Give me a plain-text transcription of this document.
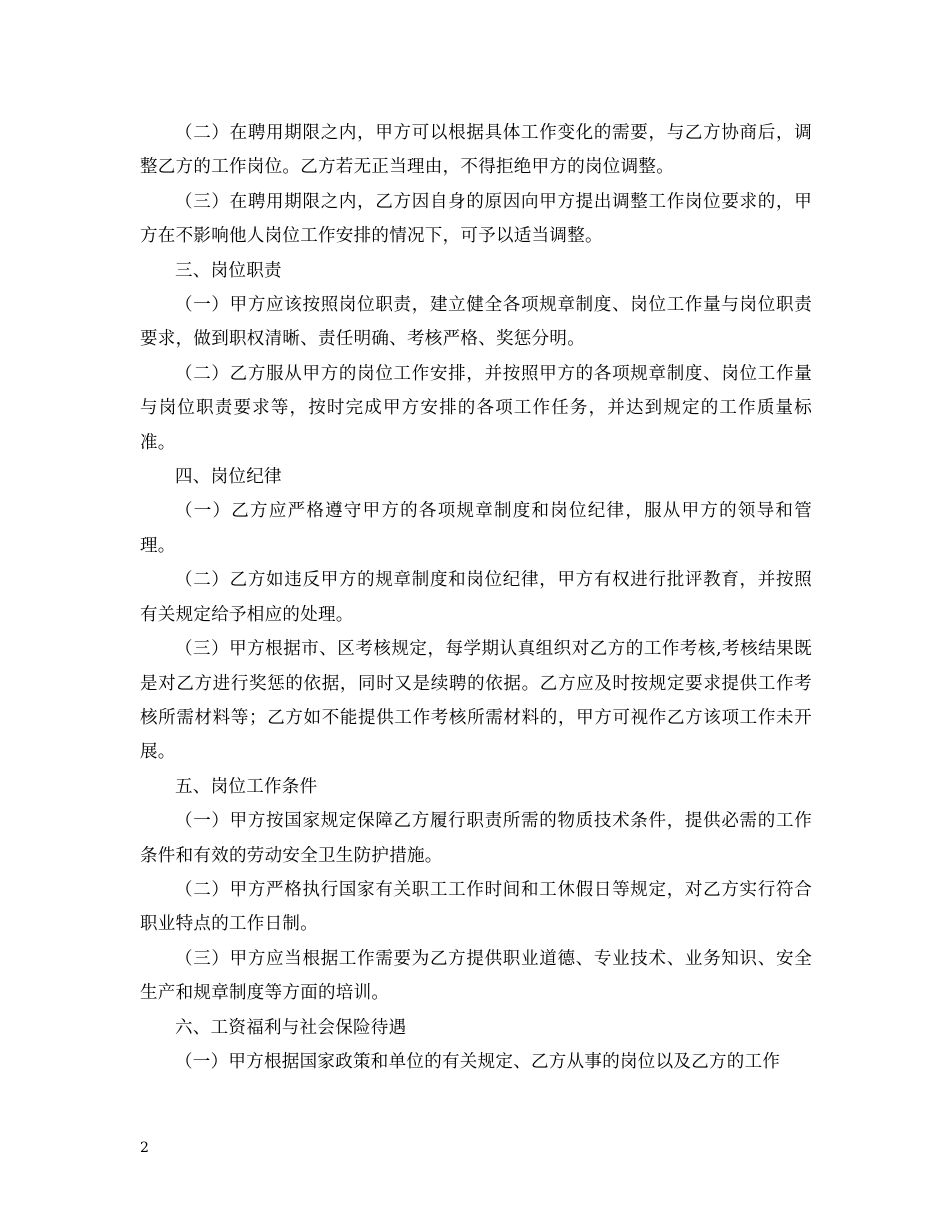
（二）在聘用期限之内，甲方可以根据具体工作变化的需要，与乙方协商后，调整乙方的工作岗位。乙方若无正当理由，不得拒绝甲方的岗位调整。

（三）在聘用期限之内，乙方因自身的原因向甲方提出调整工作岗位要求的，甲方在不影响他人岗位工作安排的情况下，可予以适当调整。

三、岗位职责

（一）甲方应该按照岗位职责，建立健全各项规章制度、岗位工作量与岗位职责要求，做到职权清晰、责任明确、考核严格、奖惩分明。

（二）乙方服从甲方的岗位工作安排，并按照甲方的各项规章制度、岗位工作量与岗位职责要求等，按时完成甲方安排的各项工作任务，并达到规定的工作质量标准。

四、岗位纪律

（一）乙方应严格遵守甲方的各项规章制度和岗位纪律，服从甲方的领导和管理。

（二）乙方如违反甲方的规章制度和岗位纪律，甲方有权进行批评教育，并按照有关规定给予相应的处理。

（三）甲方根据市、区考核规定，每学期认真组织对乙方的工作考核,考核结果既是对乙方进行奖惩的依据，同时又是续聘的依据。乙方应及时按规定要求提供工作考核所需材料等；乙方如不能提供工作考核所需材料的，甲方可视作乙方该项工作未开展。

五、岗位工作条件

（一）甲方按国家规定保障乙方履行职责所需的物质技术条件，提供必需的工作条件和有效的劳动安全卫生防护措施。

（二）甲方严格执行国家有关职工工作时间和工休假日等规定，对乙方实行符合职业特点的工作日制。

（三）甲方应当根据工作需要为乙方提供职业道德、专业技术、业务知识、安全生产和规章制度等方面的培训。

六、工资福利与社会保险待遇

（一）甲方根据国家政策和单位的有关规定、乙方从事的岗位以及乙方的工作

2
